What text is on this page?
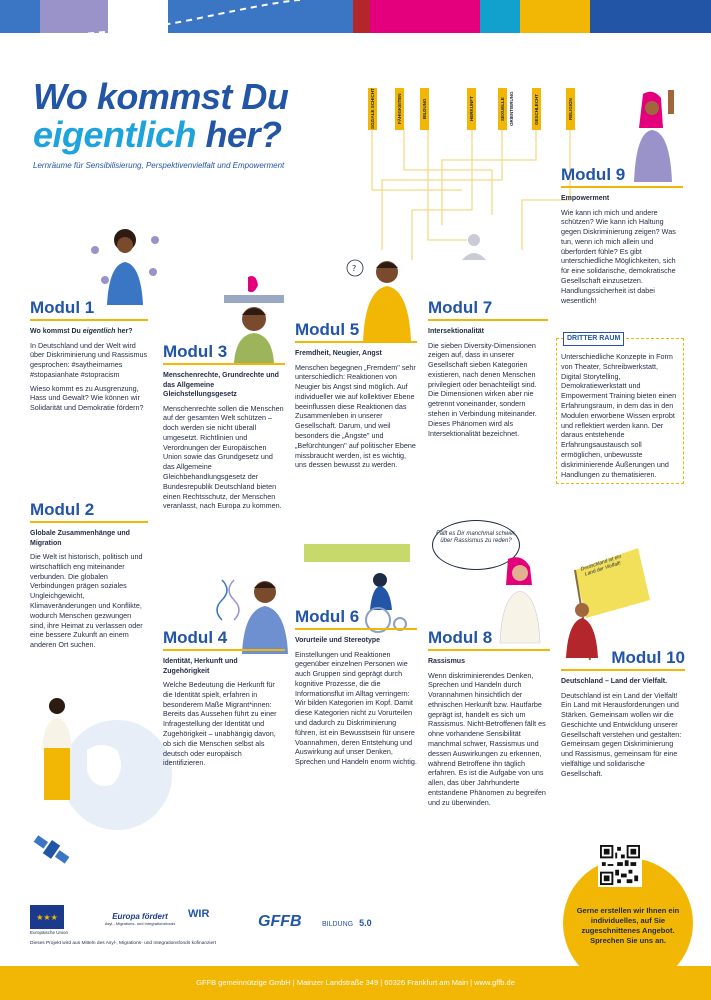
Wo kommst Du
eigentlich her?
Lernräume für Sensibilisierung, Perspektivenvielfalt und Empowerment
SOZIALE SCHICHT	FÄHIGKEITEN	BILDUNG	HERKUNFT	SEXUELLE ORIENTIERUNG	GESCHLECHT	RELIGION
?
Fällt es Dir manchmal schwer, über Rassismus zu reden?
Deutschland ist ein Land der Vielfalt!
Modul 1
Wo kommst Du eigentlich her?

In Deutschland und der Welt wird über Diskriminierung und Rassismus gesprochen: #saytheirnames #stopasianhate #stopracism

Wieso kommt es zu Ausgrenzung, Hass und Gewalt? Wie können wir Solidarität und Demokratie fördern?

Modul 2
Globale Zusammenhänge und Migration

Die Welt ist historisch, politisch und wirtschaftlich eng miteinander verbunden. Die globalen Verbindungen prägen soziales Ungleichgewicht, Klimaveränderungen und Konflikte, wodurch Menschen gezwungen sind, ihre Heimat zu verlassen oder eine bessere Zukunft an einem anderen Ort suchen.

Modul 3
Menschenrechte, Grundrechte und das Allgemeine Gleichstellungsgesetz

Menschenrechte sollen die Menschen auf der gesamten Welt schützen – doch werden sie nicht überall umgesetzt. Richtlinien und Verordnungen der Europäischen Union sowie das Grundgesetz und das Allgemeine Gleichbehandlungsgesetz der Bundesrepublik Deutschland bieten einen Rechtsschutz, der Menschen veranlasst, nach Europa zu kommen.

Modul 4
Identität, Herkunft und Zugehörigkeit

Welche Bedeutung die Herkunft für die Identität spielt, erfahren in besonderem Maße Migrant*innen: Bereits das Aussehen führt zu einer Infragestellung der Identität und Zugehörigkeit – unabhängig davon, ob sich die Menschen selbst als deutsch oder europäisch identifizieren.

Modul 5
Fremdheit, Neugier, Angst

Menschen begegnen „Fremdem" sehr unterschiedlich: Reaktionen von Neugier bis Angst sind möglich. Auf individueller wie auf kollektiver Ebene beeinflussen diese Reaktionen das Zusammenleben in unserer Gesellschaft. Darum, und weil besonders die „Ängste" und „Befürchtungen" auf politischer Ebene missbraucht werden, ist es wichtig, uns dessen bewusst zu werden.

Modul 6
Vorurteile und Stereotype

Einstellungen und Reaktionen gegenüber einzelnen Personen wie auch Gruppen sind geprägt durch kognitive Prozesse, die die Informationsflut im Alltag verringern: Wir bilden Kategorien im Kopf. Damit diese Kategorien nicht zu Vorurteilen und dadurch zu Diskriminierung führen, ist ein Bewusstsein für unsere Voannahmen, deren Entstehung und Auswirkung auf unser Denken, Sprechen und Handeln enorm wichtig.

Modul 7
Intersektionalität

Die sieben Diversity-Dimensionen zeigen auf, dass in unserer Gesellschaft sieben Kategorien existieren, nach denen Menschen privilegiert oder benachteiligt sind. Die Dimensionen wirken aber nie getrennt voneinander, sondern stehen in Verbindung miteinander. Dieses Phänomen wird als Intersektionalität bezeichnet.

Modul 8
Rassismus

Wenn diskriminierendes Denken, Sprechen und Handeln durch Vorannahmen hinsichtlich der ethnischen Herkunft bzw. Hautfarbe geprägt ist, handelt es sich um Rassismus. Nicht-Betroffenen fällt es ohne vorhandene Sensibilität manchmal schwer, Rassismus und dessen Auswirkungen zu erkennen, während Betroffene ihn täglich erfahren. Es ist die Aufgabe von uns allen, das über Jahrhunderte entstandene Phänomen zu begreifen und zu überwinden.

Modul 9
Empowerment

Wie kann ich mich und andere schützen? Wie kann ich Haltung gegen Diskriminierung zeigen? Was tun, wenn ich mich allein und überfordert fühle? Es gibt unterschiedliche Möglichkeiten, sich für eine solidarische, demokratische Gesellschaft einzusetzen. Handlungssicherheit ist dabei wesentlich!

DRITTER RAUM

Unterschiedliche Konzepte in Form von Theater, Schreibwerkstatt, Digital Storytelling, Demokratiewerkstatt und Empowerment Training bieten einen Erfahrungsraum, in dem das in den Modulen erworbene Wissen erprobt und reflektiert werden kann. Der daraus entstehende Erfahrungsaustausch soll ermöglichen, unbewusste diskriminierende Äußerungen und Handlungen zu thematisieren.

Modul 10
Deutschland – Land der Vielfalt.

Deutschland ist ein Land der Vielfalt! Ein Land mit Herausforderungen und Stärken. Gemeinsam wollen wir die Geschichte und Entwicklung unserer Gesellschaft verstehen und gestalten: Gemeinsam gegen Diskriminierung und Rassismus, gemeinsam für eine vielfältige und solidarische Gesellschaft.

Gerne erstellen wir Ihnen ein individuelles, auf Sie zugeschnittenes Angebot. Sprechen Sie uns an.
★★★
Europäische Union
Europa fördert
Asyl-, Migrations- und Integrationsfonds
WIR	GFFB	BILDUNG 5.0
Dieses Projekt wird aus Mitteln des Asyl-, Migrations- und Integrationsfonds kofinanziert
GFFB gemeinnützige GmbH | Mainzer Landstraße 349 | 60326 Frankfurt am Main | www.gffb.de
